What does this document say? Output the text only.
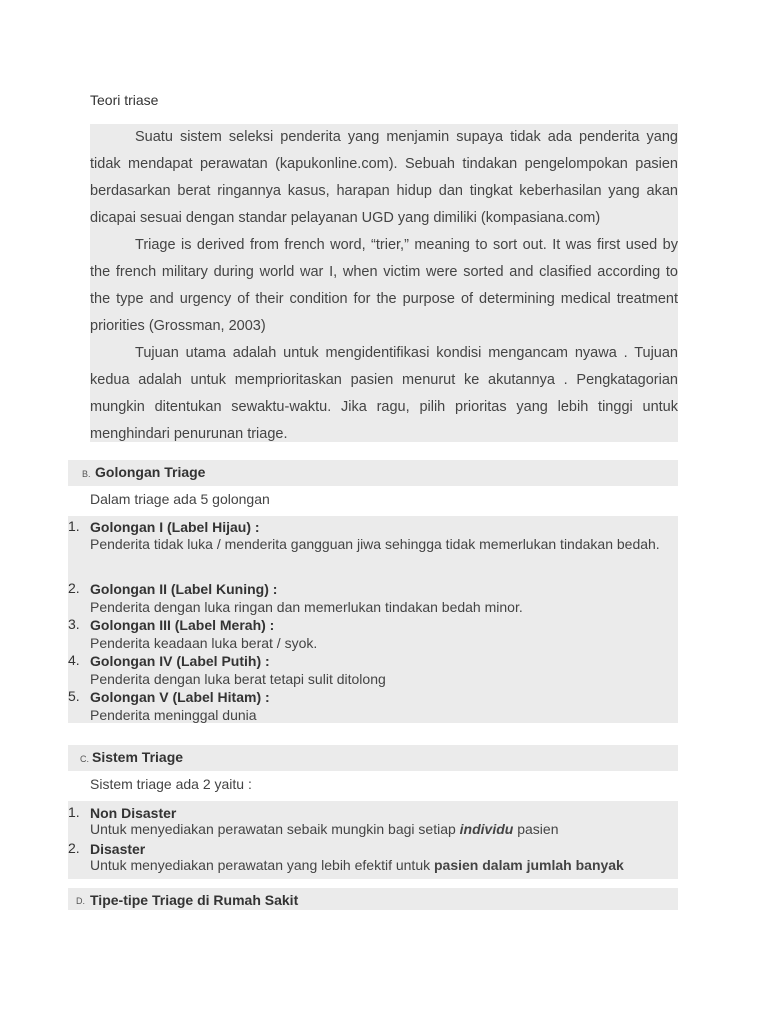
Teori triase

Suatu sistem seleksi penderita yang menjamin supaya tidak ada penderita yang tidak mendapat perawatan (kapukonline.com). Sebuah tindakan pengelompokan pasien berdasarkan berat ringannya kasus, harapan hidup dan tingkat keberhasilan yang akan dicapai sesuai dengan standar pelayanan UGD yang dimiliki (kompasiana.com)

Triage is derived from french word, “trier,” meaning to sort out. It was first used by the french military during world war I, when victim were sorted and clasified according to the type and urgency of their condition for the purpose of determining medical treatment priorities (Grossman, 2003)

Tujuan utama adalah untuk mengidentifikasi kondisi mengancam nyawa . Tujuan kedua adalah untuk memprioritaskan pasien menurut ke akutannya . Pengkatagorian mungkin ditentukan sewaktu-waktu. Jika ragu, pilih prioritas yang lebih tinggi untuk menghindari penurunan triage.

B. Golongan Triage
Dalam triage ada 5 golongan
1. Golongan I (Label Hijau) :
Penderita tidak luka / menderita gangguan jiwa sehingga tidak memerlukan tindakan bedah.
2. Golongan II (Label Kuning) :
Penderita dengan luka ringan dan memerlukan tindakan bedah minor.
3. Golongan III (Label Merah) :
Penderita keadaan luka berat / syok.
4. Golongan IV (Label Putih) :
Penderita dengan luka berat tetapi sulit ditolong
5. Golongan V (Label Hitam) :
Penderita meninggal dunia
C. Sistem Triage
Sistem triage ada 2 yaitu :
1. Non Disaster
Untuk menyediakan perawatan sebaik mungkin bagi setiap individu pasien
2. Disaster
Untuk menyediakan perawatan yang lebih efektif untuk pasien dalam jumlah banyak
D. Tipe-tipe Triage di Rumah Sakit
